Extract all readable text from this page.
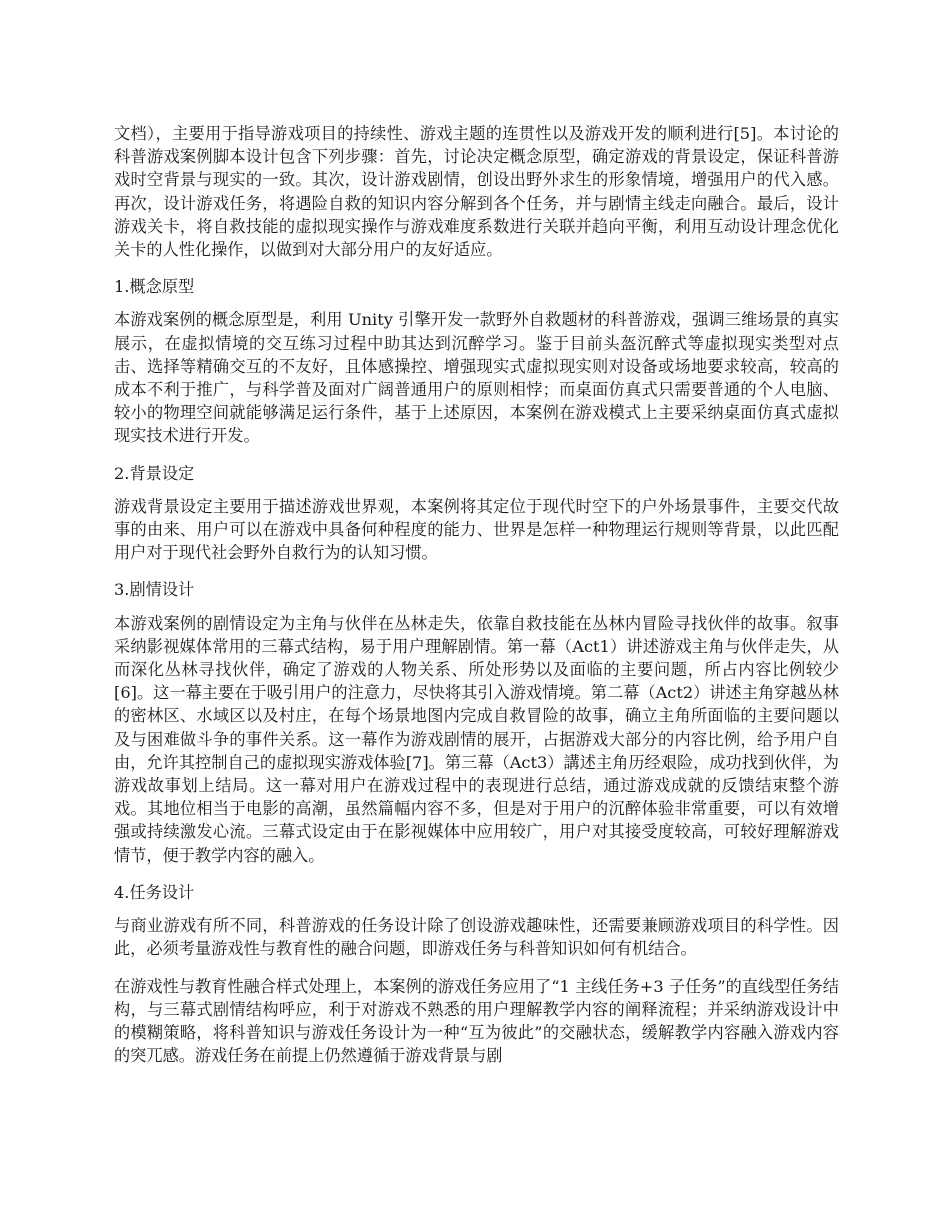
文档），主要用于指导游戏项目的持续性、游戏主题的连贯性以及游戏开发的顺利进行[5]。本讨论的科普游戏案例脚本设计包含下列步骤：首先，讨论决定概念原型，确定游戏的背景设定，保证科普游戏时空背景与现实的一致。其次，设计游戏剧情，创设出野外求生的形象情境，增强用户的代入感。再次，设计游戏任务，将遇险自救的知识内容分解到各个任务，并与剧情主线走向融合。最后，设计游戏关卡，将自救技能的虚拟现实操作与游戏难度系数进行关联并趋向平衡，利用互动设计理念优化关卡的人性化操作，以做到对大部分用户的友好适应。

1.概念原型

本游戏案例的概念原型是，利用 Unity 引擎开发一款野外自救题材的科普游戏，强调三维场景的真实展示，在虚拟情境的交互练习过程中助其达到沉醉学习。鉴于目前头盔沉醉式等虚拟现实类型对点击、选择等精确交互的不友好，且体感操控、增强现实式虚拟现实则对设备或场地要求较高，较高的成本不利于推广，与科学普及面对广阔普通用户的原则相悖；而桌面仿真式只需要普通的个人电脑、较小的物理空间就能够满足运行条件，基于上述原因，本案例在游戏模式上主要采纳桌面仿真式虚拟现实技术进行开发。

2.背景设定

游戏背景设定主要用于描述游戏世界观，本案例将其定位于现代时空下的户外场景事件，主要交代故事的由来、用户可以在游戏中具备何种程度的能力、世界是怎样一种物理运行规则等背景，以此匹配用户对于现代社会野外自救行为的认知习惯。

3.剧情设计

本游戏案例的剧情设定为主角与伙伴在丛林走失，依靠自救技能在丛林内冒险寻找伙伴的故事。叙事采纳影视媒体常用的三幕式结构，易于用户理解剧情。第一幕（Act1）讲述游戏主角与伙伴走失，从而深化丛林寻找伙伴，确定了游戏的人物关系、所处形势以及面临的主要问题，所占内容比例较少[6]。这一幕主要在于吸引用户的注意力，尽快将其引入游戏情境。第二幕（Act2）讲述主角穿越丛林的密林区、水域区以及村庄，在每个场景地图内完成自救冒险的故事，确立主角所面临的主要问题以及与困难做斗争的事件关系。这一幕作为游戏剧情的展开，占据游戏大部分的内容比例，给予用户自由，允许其控制自己的虚拟现实游戏体验[7]。第三幕（Act3）講述主角历经艰险，成功找到伙伴，为游戏故事划上结局。这一幕对用户在游戏过程中的表现进行总结，通过游戏成就的反馈结束整个游戏。其地位相当于电影的高潮，虽然篇幅内容不多，但是对于用户的沉醉体验非常重要，可以有效增强或持续激发心流。三幕式设定由于在影视媒体中应用较广，用户对其接受度较高，可较好理解游戏情节，便于教学内容的融入。

4.任务设计

与商业游戏有所不同，科普游戏的任务设计除了创设游戏趣味性，还需要兼顾游戏项目的科学性。因此，必须考量游戏性与教育性的融合问题，即游戏任务与科普知识如何有机结合。

在游戏性与教育性融合样式处理上，本案例的游戏任务应用了“1 主线任务+3 子任务”的直线型任务结构，与三幕式剧情结构呼应，利于对游戏不熟悉的用户理解教学内容的阐释流程；并采纳游戏设计中的模糊策略，将科普知识与游戏任务设计为一种“互为彼此”的交融状态，缓解教学内容融入游戏内容的突兀感。游戏任务在前提上仍然遵循于游戏背景与剧
